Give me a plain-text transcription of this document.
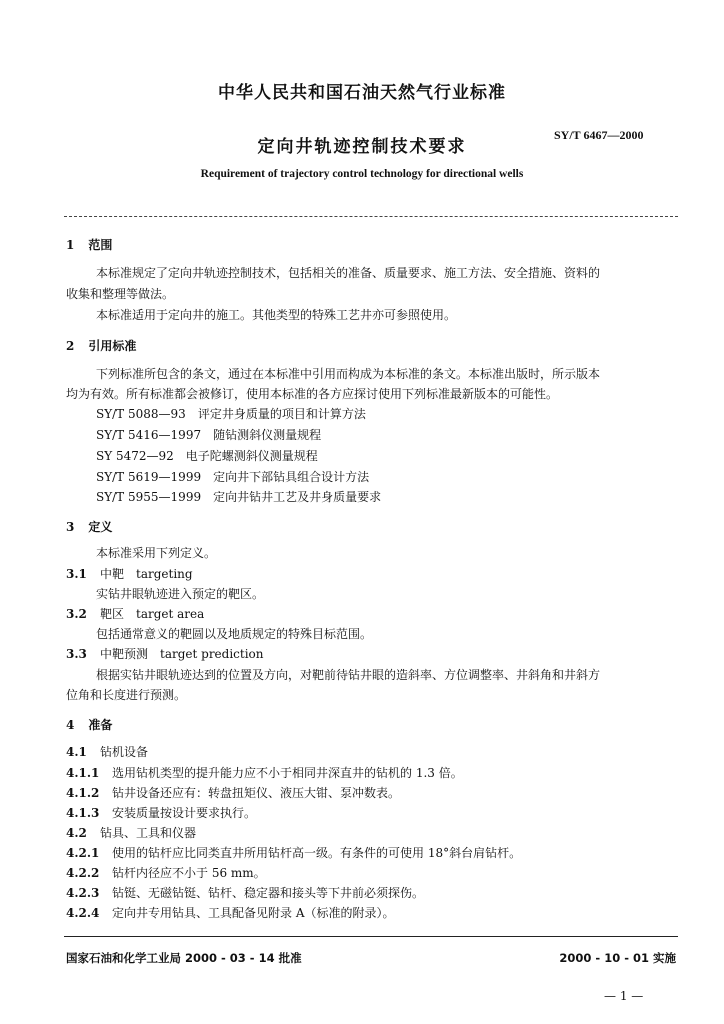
中华人民共和国石油天然气行业标准
SY/T 6467—2000
定向井轨迹控制技术要求
Requirement of trajectory control technology for directional wells
1 范围
本标准规定了定向井轨迹控制技术，包括相关的准备、质量要求、施工方法、安全措施、资料的
收集和整理等做法。
本标准适用于定向井的施工。其他类型的特殊工艺井亦可参照使用。
2 引用标准
下列标准所包含的条文，通过在本标准中引用而构成为本标准的条文。本标准出版时，所示版本
均为有效。所有标准都会被修订，使用本标准的各方应探讨使用下列标准最新版本的可能性。
SY/T 5088—93　评定井身质量的项目和计算方法
SY/T 5416—1997　随钻测斜仪测量规程
SY 5472—92　电子陀螺测斜仪测量规程
SY/T 5619—1999　定向井下部钻具组合设计方法
SY/T 5955—1999　定向井钻井工艺及井身质量要求
3 定义
本标准采用下列定义。
3.1 中靶　targeting
实钻井眼轨迹进入预定的靶区。
3.2 靶区　target area
包括通常意义的靶圆以及地质规定的特殊目标范围。
3.3 中靶预测　target prediction
根据实钻井眼轨迹达到的位置及方向，对靶前待钻井眼的造斜率、方位调整率、井斜角和井斜方
位角和长度进行预测。
4 准备
4.1 钻机设备
4.1.1 选用钻机类型的提升能力应不小于相同井深直井的钻机的 1.3 倍。
4.1.2 钻井设备还应有：转盘扭矩仪、液压大钳、泵冲数表。
4.1.3 安装质量按设计要求执行。
4.2 钻具、工具和仪器
4.2.1 使用的钻杆应比同类直井所用钻杆高一级。有条件的可使用 18°斜台肩钻杆。
4.2.2 钻杆内径应不小于 56 mm。
4.2.3 钻铤、无磁钻铤、钻杆、稳定器和接头等下井前必须探伤。
4.2.4 定向井专用钻具、工具配备见附录 A（标准的附录）。
国家石油和化学工业局 2000 - 03 - 14 批准	2000 - 10 - 01 实施
— 1 —
